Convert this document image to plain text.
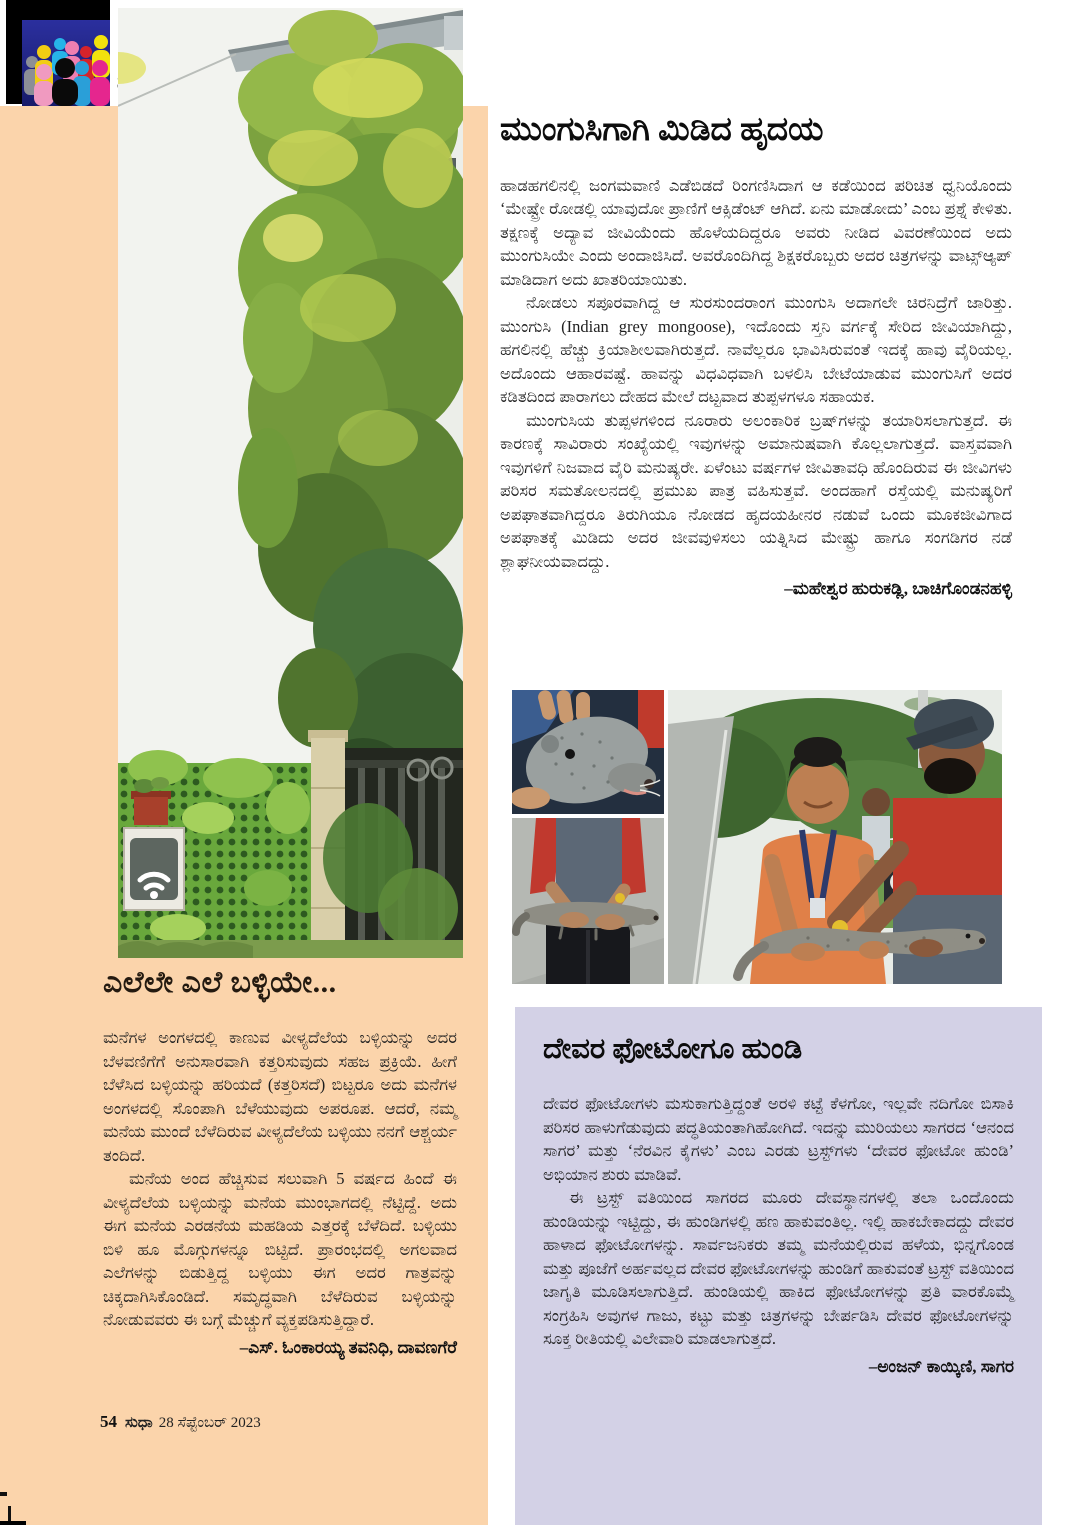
ದೇವರ ಫೋಟೋಗೂ ಹುಂಡಿ

ದೇವರ ಫೋಟೋಗಳು ಮಸುಕಾಗುತ್ತಿದ್ದಂತೆ ಅರಳಿ ಕಟ್ಟೆ ಕೆಳಗೋ, ಇಲ್ಲವೇ ನದಿಗೋ ಬಿಸಾಕಿ ಪರಿಸರ ಹಾಳುಗೆಡುವುದು ಪದ್ಧತಿಯಂತಾಗಿಹೋಗಿದೆ. ಇದನ್ನು ಮುರಿಯಲು ಸಾಗರದ ‘ಆನಂದ ಸಾಗರ’ ಮತ್ತು ‘ನೆರವಿನ ಕೈಗಳು’ ಎಂಬ ಎರಡು ಟ್ರಸ್ಟ್‌ಗಳು ‘ದೇವರ ಫೋಟೋ ಹುಂಡಿ’ ಅಭಿಯಾನ ಶುರು ಮಾಡಿವೆ.

ಈ ಟ್ರಸ್ಟ್ ವತಿಯಿಂದ ಸಾಗರದ ಮೂರು ದೇವಸ್ಥಾನಗಳಲ್ಲಿ ತಲಾ ಒಂದೊಂದು ಹುಂಡಿಯನ್ನು ಇಟ್ಟಿದ್ದು, ಈ ಹುಂಡಿಗಳಲ್ಲಿ ಹಣ ಹಾಕುವಂತಿಲ್ಲ. ಇಲ್ಲಿ ಹಾಕಬೇಕಾದದ್ದು ದೇವರ ಹಾಳಾದ ಫೋಟೋಗಳನ್ನು. ಸಾರ್ವಜನಿಕರು ತಮ್ಮ ಮನೆಯಲ್ಲಿರುವ ಹಳೆಯ, ಭಿನ್ನಗೊಂಡ ಮತ್ತು ಪೂಜೆಗೆ ಅರ್ಹವಲ್ಲದ ದೇವರ ಫೋಟೋಗಳನ್ನು ಹುಂಡಿಗೆ ಹಾಕುವಂತೆ ಟ್ರಸ್ಟ್ ವತಿಯಿಂದ ಜಾಗೃತಿ ಮೂಡಿಸಲಾಗುತ್ತಿದೆ. ಹುಂಡಿಯಲ್ಲಿ ಹಾಕಿದ ಫೋಟೋಗಳನ್ನು ಪ್ರತಿ ವಾರಕೊಮ್ಮೆ ಸಂಗ್ರಹಿಸಿ ಅವುಗಳ ಗಾಜು, ಕಟ್ಟು ಮತ್ತು ಚಿತ್ರಗಳನ್ನು ಬೇರ್ಪಡಿಸಿ ದೇವರ ಫೋಟೋಗಳನ್ನು ಸೂಕ್ತ ರೀತಿಯಲ್ಲಿ ವಿಲೇವಾರಿ ಮಾಡಲಾಗುತ್ತದೆ.

–ಅಂಜನ್ ಕಾಯ್ಕಿಣಿ, ಸಾಗರ
ಮುಂಗುಸಿಗಾಗಿ ಮಿಡಿದ ಹೃದಯ

ಹಾಡಹಗಲಿನಲ್ಲಿ ಜಂಗಮವಾಣಿ ಎಡೆಬಿಡದೆ ರಿಂಗಣಿಸಿದಾಗ ಆ ಕಡೆಯಿಂದ ಪರಿಚಿತ ಧ್ವನಿಯೊಂದು ‘ಮೇಷ್ಟ್ರೇ ರೋಡಲ್ಲಿ ಯಾವುದೋ ಪ್ರಾಣಿಗೆ ಆಕ್ಸಿಡೆಂಟ್ ಆಗಿದೆ. ಏನು ಮಾಡೋದು’ ಎಂಬ ಪ್ರಶ್ನೆ ಕೇಳಿತು. ತಕ್ಷಣಕ್ಕೆ ಅದ್ಯಾವ ಜೀವಿಯೆಂದು ಹೊಳೆಯದಿದ್ದರೂ ಅವರು ನೀಡಿದ ವಿವರಣೆಯಿಂದ ಅದು ಮುಂಗುಸಿಯೇ ಎಂದು ಅಂದಾಜಿಸಿದೆ. ಅವರೊಂದಿಗಿದ್ದ ಶಿಕ್ಷಕರೊಬ್ಬರು ಅದರ ಚಿತ್ರಗಳನ್ನು ವಾಟ್ಸ್‌ಆ್ಯಪ್ ಮಾಡಿದಾಗ ಅದು ಖಾತರಿಯಾಯಿತು.

ನೋಡಲು ಸಪೂರವಾಗಿದ್ದ ಆ ಸುರಸುಂದರಾಂಗ ಮುಂಗುಸಿ ಅದಾಗಲೇ ಚಿರನಿದ್ರೆಗೆ ಜಾರಿತ್ತು. ಮುಂಗುಸಿ (Indian grey mongoose), ಇದೊಂದು ಸ್ತನಿ ವರ್ಗಕ್ಕೆ ಸೇರಿದ ಜೀವಿಯಾಗಿದ್ದು, ಹಗಲಿನಲ್ಲಿ ಹೆಚ್ಚು ಕ್ರಿಯಾಶೀಲವಾಗಿರುತ್ತದೆ. ನಾವೆಲ್ಲರೂ ಭಾವಿಸಿರುವಂತೆ ಇದಕ್ಕೆ ಹಾವು ವೈರಿಯಲ್ಲ. ಅದೊಂದು ಆಹಾರವಷ್ಟೆ. ಹಾವನ್ನು ವಿಧವಿಧವಾಗಿ ಬಳಲಿಸಿ ಬೇಟೆಯಾಡುವ ಮುಂಗುಸಿಗೆ ಅದರ ಕಡಿತದಿಂದ ಪಾರಾಗಲು ದೇಹದ ಮೇಲೆ ದಟ್ಟವಾದ ತುಪ್ಪಳಗಳೂ ಸಹಾಯಕ.

ಮುಂಗುಸಿಯ ತುಪ್ಪಳಗಳಿಂದ ನೂರಾರು ಅಲಂಕಾರಿಕ ಬ್ರಷ್‌ಗಳನ್ನು ತಯಾರಿಸಲಾಗುತ್ತದೆ. ಈ ಕಾರಣಕ್ಕೆ ಸಾವಿರಾರು ಸಂಖ್ಯೆಯಲ್ಲಿ ಇವುಗಳನ್ನು ಅಮಾನುಷವಾಗಿ ಕೊಲ್ಲಲಾಗುತ್ತದೆ. ವಾಸ್ತವವಾಗಿ ಇವುಗಳಿಗೆ ನಿಜವಾದ ವೈರಿ ಮನುಷ್ಯರೇ. ಏಳೆಂಟು ವರ್ಷಗಳ ಜೀವಿತಾವಧಿ ಹೊಂದಿರುವ ಈ ಜೀವಿಗಳು ಪರಿಸರ ಸಮತೋಲನದಲ್ಲಿ ಪ್ರಮುಖ ಪಾತ್ರ ವಹಿಸುತ್ತವೆ. ಅಂದಹಾಗೆ ರಸ್ತೆಯಲ್ಲಿ ಮನುಷ್ಯರಿಗೆ ಅಪಘಾತವಾಗಿದ್ದರೂ ತಿರುಗಿಯೂ ನೋಡದ ಹೃದಯಹೀನರ ನಡುವೆ ಒಂದು ಮೂಕಜೀವಿಗಾದ ಅಪಘಾತಕ್ಕೆ ಮಿಡಿದು ಅದರ ಜೀವವುಳಿಸಲು ಯತ್ನಿಸಿದ ಮೇಷ್ಟ್ರು ಹಾಗೂ ಸಂಗಡಿಗರ ನಡೆ ಶ್ಲಾಘನೀಯವಾದದ್ದು.

–ಮಹೇಶ್ವರ ಹುರುಕಡ್ಲಿ, ಬಾಚಿಗೊಂಡನಹಳ್ಳಿ
ಎಲೆಲೇ ಎಲೆ ಬಳ್ಳಿಯೇ...

ಮನೆಗಳ ಅಂಗಳದಲ್ಲಿ ಕಾಣುವ ವೀಳ್ಯದೆಲೆಯ ಬಳ್ಳಿಯನ್ನು ಅದರ ಬೆಳವಣಿಗೆಗೆ ಅನುಸಾರವಾಗಿ ಕತ್ತರಿಸುವುದು ಸಹಜ ಪ್ರಕ್ರಿಯೆ. ಹೀಗೆ ಬೆಳೆಸಿದ ಬಳ್ಳಿಯನ್ನು ಹರಿಯದೆ (ಕತ್ತರಿಸದೆ) ಬಿಟ್ಟರೂ ಅದು ಮನೆಗಳ ಅಂಗಳದಲ್ಲಿ ಸೊಂಪಾಗಿ ಬೆಳೆಯುವುದು ಅಪರೂಪ. ಆದರೆ, ನಮ್ಮ ಮನೆಯ ಮುಂದೆ ಬೆಳೆದಿರುವ ವೀಳ್ಯದೆಲೆಯ ಬಳ್ಳಿಯು ನನಗೆ ಆಶ್ಚರ್ಯ ತಂದಿದೆ.

ಮನೆಯ ಅಂದ ಹೆಚ್ಚಿಸುವ ಸಲುವಾಗಿ 5 ವರ್ಷದ ಹಿಂದೆ ಈ ವೀಳ್ಯದೆಲೆಯ ಬಳ್ಳಿಯನ್ನು ಮನೆಯ ಮುಂಭಾಗದಲ್ಲಿ ನೆಟ್ಟಿದ್ದೆ. ಅದು ಈಗ ಮನೆಯ ಎರಡನೆಯ ಮಹಡಿಯ ಎತ್ತರಕ್ಕೆ ಬೆಳೆದಿದೆ. ಬಳ್ಳಿಯು ಬಿಳಿ ಹೂ ಮೊಗ್ಗುಗಳನ್ನೂ ಬಿಟ್ಟಿದೆ. ಪ್ರಾರಂಭದಲ್ಲಿ ಅಗಲವಾದ ಎಲೆಗಳನ್ನು ಬಿಡುತ್ತಿದ್ದ ಬಳ್ಳಿಯು ಈಗ ಅದರ ಗಾತ್ರವನ್ನು ಚಿಕ್ಕದಾಗಿಸಿಕೊಂಡಿದೆ. ಸಮೃದ್ಧವಾಗಿ ಬೆಳೆದಿರುವ ಬಳ್ಳಿಯನ್ನು ನೋಡುವವರು ಈ ಬಗ್ಗೆ ಮೆಚ್ಚುಗೆ ವ್ಯಕ್ತಪಡಿಸುತ್ತಿದ್ದಾರೆ.

–ಎಸ್. ಓಂಕಾರಯ್ಯ ತವನಿಧಿ, ದಾವಣಗೆರೆ
54 ಸುಧಾ 28 ಸೆಪ್ಟೆಂಬರ್ 2023
